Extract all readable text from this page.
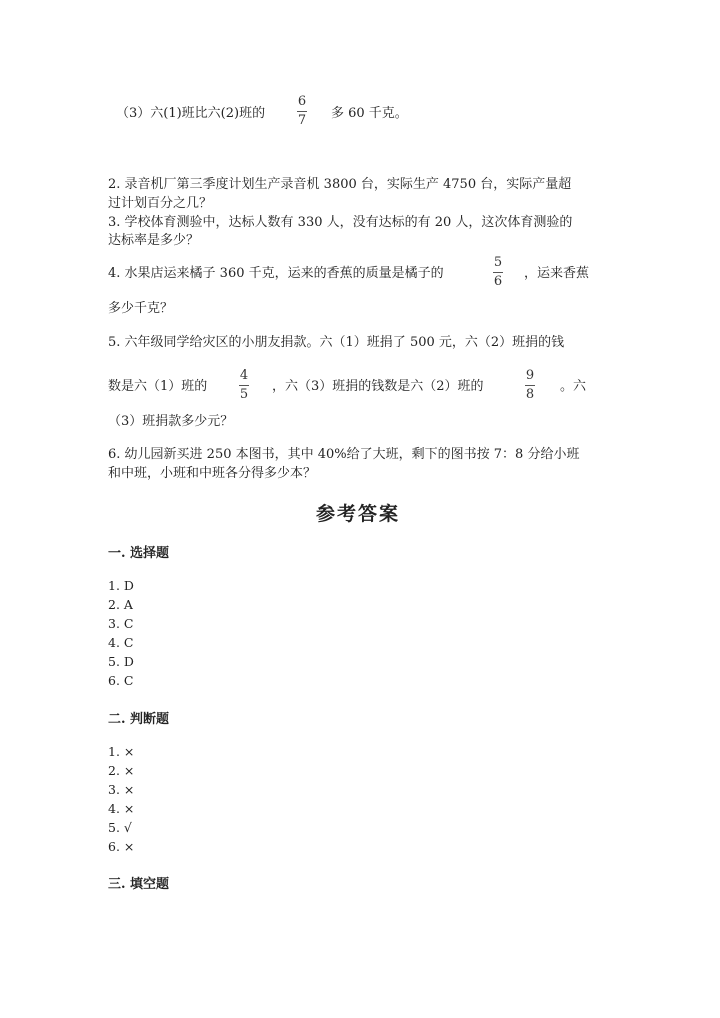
（3）六(1)班比六(2)班的
6
7 多 60 千克。
2. 录音机厂第三季度计划生产录音机 3800 台，实际生产 4750 台，实际产量超
过计划百分之几？
3. 学校体育测验中，达标人数有 330 人，没有达标的有 20 人，这次体育测验的
达标率是多少？
4. 水果店运来橘子 360 千克，运来的香蕉的质量是橘子的
5
6
，运来香蕉
多少千克？
5. 六年级同学给灾区的小朋友捐款。六（1）班捐了 500 元，六（2）班捐的钱
数是六（1）班的
4
5
，六（3）班捐的钱数是六（2）班的
9
8
。六
（3）班捐款多少元？
6. 幼儿园新买进 250 本图书，其中 40%给了大班，剩下的图书按 7：8 分给小班
和中班，小班和中班各分得多少本？
参考答案
一. 选择题
1. D
2. A
3. C
4. C
5. D
6. C
二. 判断题
1. ×
2. ×
3. ×
4. ×
5. √
6. ×
三. 填空题
